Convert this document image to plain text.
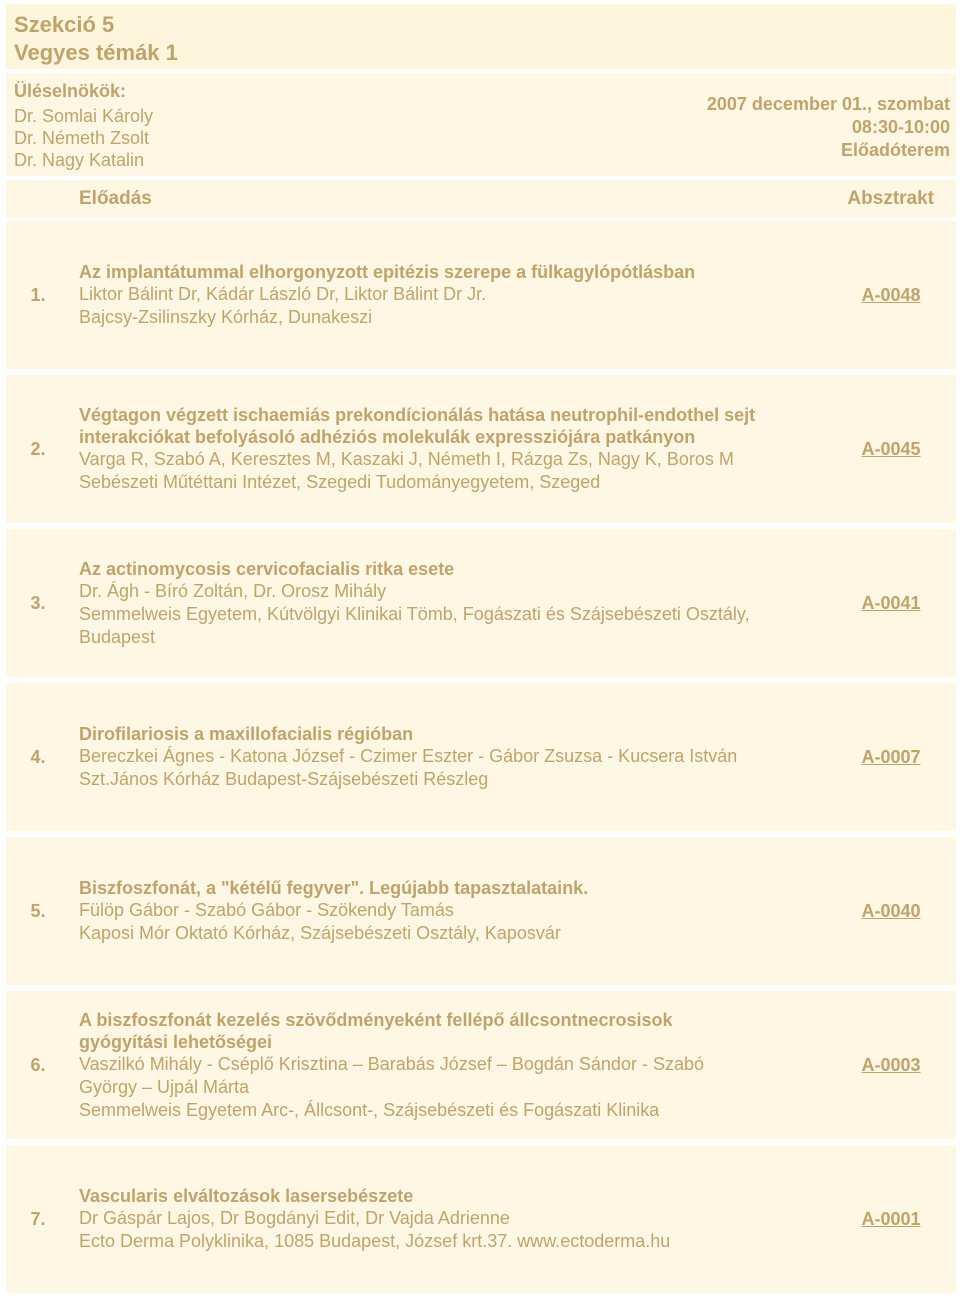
Szekció 5
Vegyes témák 1
Üléselnökök:
Dr. Somlai Károly
Dr. Németh Zsolt
Dr. Nagy Katalin
2007 december 01., szombat
08:30-10:00
Előadóterem
Előadás	Absztrakt
1.
Az implantátummal elhorgonyzott epitézis szerepe a fülkagylópótlásban
Liktor Bálint Dr, Kádár László Dr, Liktor Bálint Dr Jr.
Bajcsy-Zsilinszky Kórház, Dunakeszi
A-0048
2.
Végtagon végzett ischaemiás prekondícionálás hatása neutrophil-endothel sejt
interakciókat befolyásoló adhéziós molekulák expressziójára patkányon
Varga R, Szabó A, Keresztes M, Kaszaki J, Németh I, Rázga Zs, Nagy K, Boros M
Sebészeti Műtéttani Intézet, Szegedi Tudományegyetem, Szeged
A-0045
3.
Az actinomycosis cervicofacialis ritka esete
Dr. Ágh - Bíró Zoltán, Dr. Orosz Mihály
Semmelweis Egyetem, Kútvölgyi Klinikai Tömb, Fogászati és Szájsebészeti Osztály,
Budapest
A-0041
4.
Dirofilariosis a maxillofacialis régióban
Bereczkei Ágnes - Katona József - Czimer Eszter - Gábor Zsuzsa - Kucsera István
Szt.János Kórház Budapest-Szájsebészeti Részleg
A-0007
5.
Biszfoszfonát, a "kétélű fegyver". Legújabb tapasztalataink.
Fülöp Gábor - Szabó Gábor - Szökendy Tamás
Kaposi Mór Oktató Kórház, Szájsebészeti Osztály, Kaposvár
A-0040
6.
A biszfoszfonát kezelés szövődményeként fellépő állcsontnecrosisok
gyógyítási lehetőségei
Vaszilkó Mihály - Cséplő Krisztina – Barabás József – Bogdán Sándor - Szabó
György – Ujpál Márta
Semmelweis Egyetem Arc-, Állcsont-, Szájsebészeti és Fogászati Klinika
A-0003
7.
Vascularis elváltozások lasersebészete
Dr Gáspár Lajos, Dr Bogdányi Edit, Dr Vajda Adrienne
Ecto Derma Polyklinika, 1085 Budapest, József krt.37. www.ectoderma.hu
A-0001
